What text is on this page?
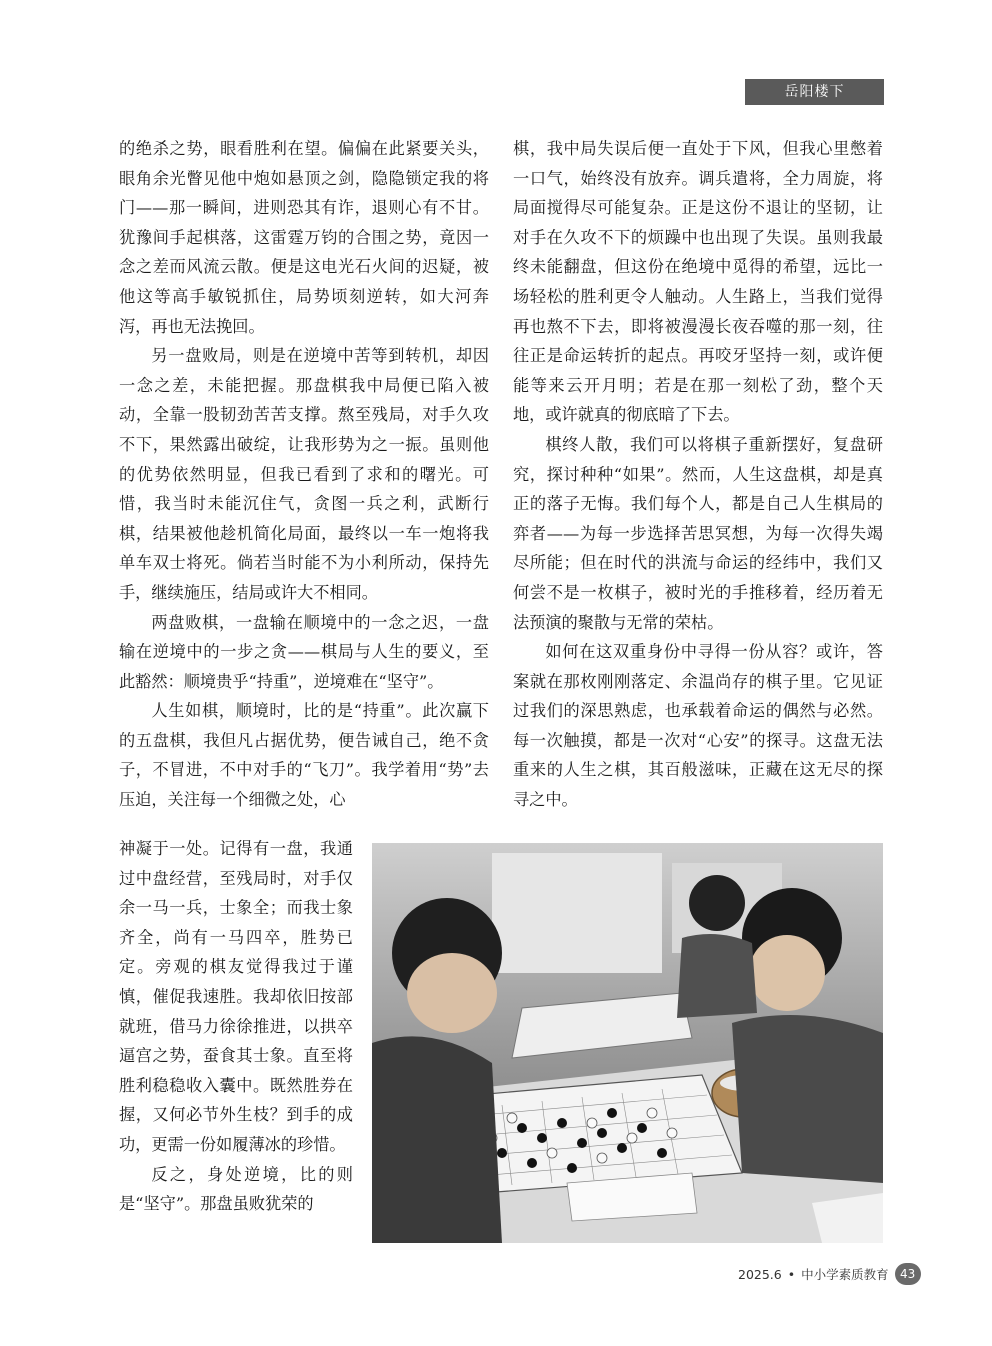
岳阳楼下

的绝杀之势，眼看胜利在望。偏偏在此紧要关头，眼角余光瞥见他中炮如悬顶之剑，隐隐锁定我的将门——那一瞬间，进则恐其有诈，退则心有不甘。犹豫间手起棋落，这雷霆万钧的合围之势，竟因一念之差而风流云散。便是这电光石火间的迟疑，被他这等高手敏锐抓住，局势顷刻逆转，如大河奔泻，再也无法挽回。

另一盘败局，则是在逆境中苦等到转机，却因一念之差，未能把握。那盘棋我中局便已陷入被动，全靠一股韧劲苦苦支撑。熬至残局，对手久攻不下，果然露出破绽，让我形势为之一振。虽则他的优势依然明显，但我已看到了求和的曙光。可惜，我当时未能沉住气，贪图一兵之利，武断行棋，结果被他趁机简化局面，最终以一车一炮将我单车双士将死。倘若当时能不为小利所动，保持先手，继续施压，结局或许大不相同。

两盘败棋，一盘输在顺境中的一念之迟，一盘输在逆境中的一步之贪——棋局与人生的要义，至此豁然：顺境贵乎“持重”，逆境难在“坚守”。

人生如棋，顺境时，比的是“持重”。此次赢下的五盘棋，我但凡占据优势，便告诫自己，绝不贪子，不冒进，不中对手的“飞刀”。我学着用“势”去压迫，关注每一个细微之处，心

神凝于一处。记得有一盘，我通过中盘经营，至残局时，对手仅余一马一兵，士象全；而我士象齐全，尚有一马四卒，胜势已定。旁观的棋友觉得我过于谨慎，催促我速胜。我却依旧按部就班，借马力徐徐推进，以拱卒逼宫之势，蚕食其士象。直至将胜利稳稳收入囊中。既然胜券在握，又何必节外生枝？到手的成功，更需一份如履薄冰的珍惜。

反之，身处逆境，比的则是“坚守”。那盘虽败犹荣的

棋，我中局失误后便一直处于下风，但我心里憋着一口气，始终没有放弃。调兵遣将，全力周旋，将局面搅得尽可能复杂。正是这份不退让的坚韧，让对手在久攻不下的烦躁中也出现了失误。虽则我最终未能翻盘，但这份在绝境中觅得的希望，远比一场轻松的胜利更令人触动。人生路上，当我们觉得再也熬不下去，即将被漫漫长夜吞噬的那一刻，往往正是命运转折的起点。再咬牙坚持一刻，或许便能等来云开月明；若是在那一刻松了劲，整个天地，或许就真的彻底暗了下去。

棋终人散，我们可以将棋子重新摆好，复盘研究，探讨种种“如果”。然而，人生这盘棋，却是真正的落子无悔。我们每个人，都是自己人生棋局的弈者——为每一步选择苦思冥想，为每一次得失竭尽所能；但在时代的洪流与命运的经纬中，我们又何尝不是一枚棋子，被时光的手推移着，经历着无法预演的聚散与无常的荣枯。

如何在这双重身份中寻得一份从容？或许，答案就在那枚刚刚落定、余温尚存的棋子里。它见证过我们的深思熟虑，也承载着命运的偶然与必然。每一次触摸，都是一次对“心安”的探寻。这盘无法重来的人生之棋，其百般滋味，正藏在这无尽的探寻之中。

2025.6 • 中小学素质教育 43
